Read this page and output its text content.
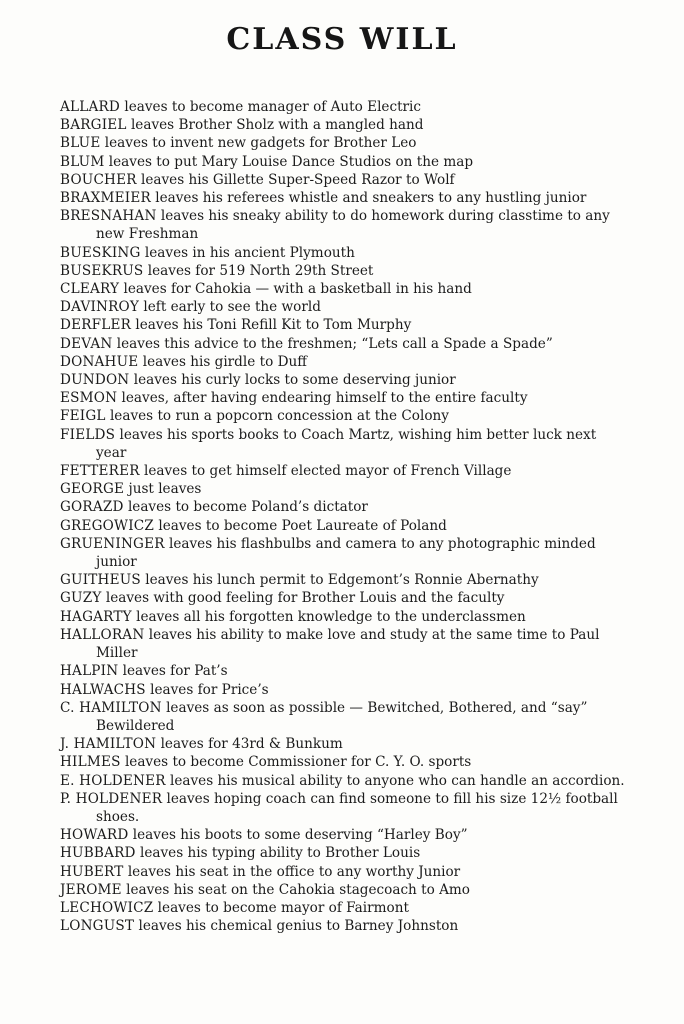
CLASS WILL
ALLARD leaves to become manager of Auto Electric
BARGIEL leaves Brother Sholz with a mangled hand
BLUE leaves to invent new gadgets for Brother Leo
BLUM leaves to put Mary Louise Dance Studios on the map
BOUCHER leaves his Gillette Super-Speed Razor to Wolf
BRAXMEIER leaves his referees whistle and sneakers to any hustling junior
BRESNAHAN leaves his sneaky ability to do homework during classtime to any new Freshman
BUESKING leaves in his ancient Plymouth
BUSEKRUS leaves for 519 North 29th Street
CLEARY leaves for Cahokia — with a basketball in his hand
DAVINROY left early to see the world
DERFLER leaves his Toni Refill Kit to Tom Murphy
DEVAN leaves this advice to the freshmen; “Lets call a Spade a Spade”
DONAHUE leaves his girdle to Duff
DUNDON leaves his curly locks to some deserving junior
ESMON leaves, after having endearing himself to the entire faculty
FEIGL leaves to run a popcorn concession at the Colony
FIELDS leaves his sports books to Coach Martz, wishing him better luck next year
FETTERER leaves to get himself elected mayor of French Village
GEORGE just leaves
GORAZD leaves to become Poland’s dictator
GREGOWICZ leaves to become Poet Laureate of Poland
GRUENINGER leaves his flashbulbs and camera to any photographic minded junior
GUITHEUS leaves his lunch permit to Edgemont’s Ronnie Abernathy
GUZY leaves with good feeling for Brother Louis and the faculty
HAGARTY leaves all his forgotten knowledge to the underclassmen
HALLORAN leaves his ability to make love and study at the same time to Paul Miller
HALPIN leaves for Pat’s
HALWACHS leaves for Price’s
C. HAMILTON leaves as soon as possible — Bewitched, Bothered, and “say” Bewildered
J. HAMILTON leaves for 43rd & Bunkum
HILMES leaves to become Commissioner for C. Y. O. sports
E. HOLDENER leaves his musical ability to anyone who can handle an accordion.
P. HOLDENER leaves hoping coach can find someone to fill his size 12½ football shoes.
HOWARD leaves his boots to some deserving “Harley Boy”
HUBBARD leaves his typing ability to Brother Louis
HUBERT leaves his seat in the office to any worthy Junior
JEROME leaves his seat on the Cahokia stagecoach to Amo
LECHOWICZ leaves to become mayor of Fairmont
LONGUST leaves his chemical genius to Barney Johnston
